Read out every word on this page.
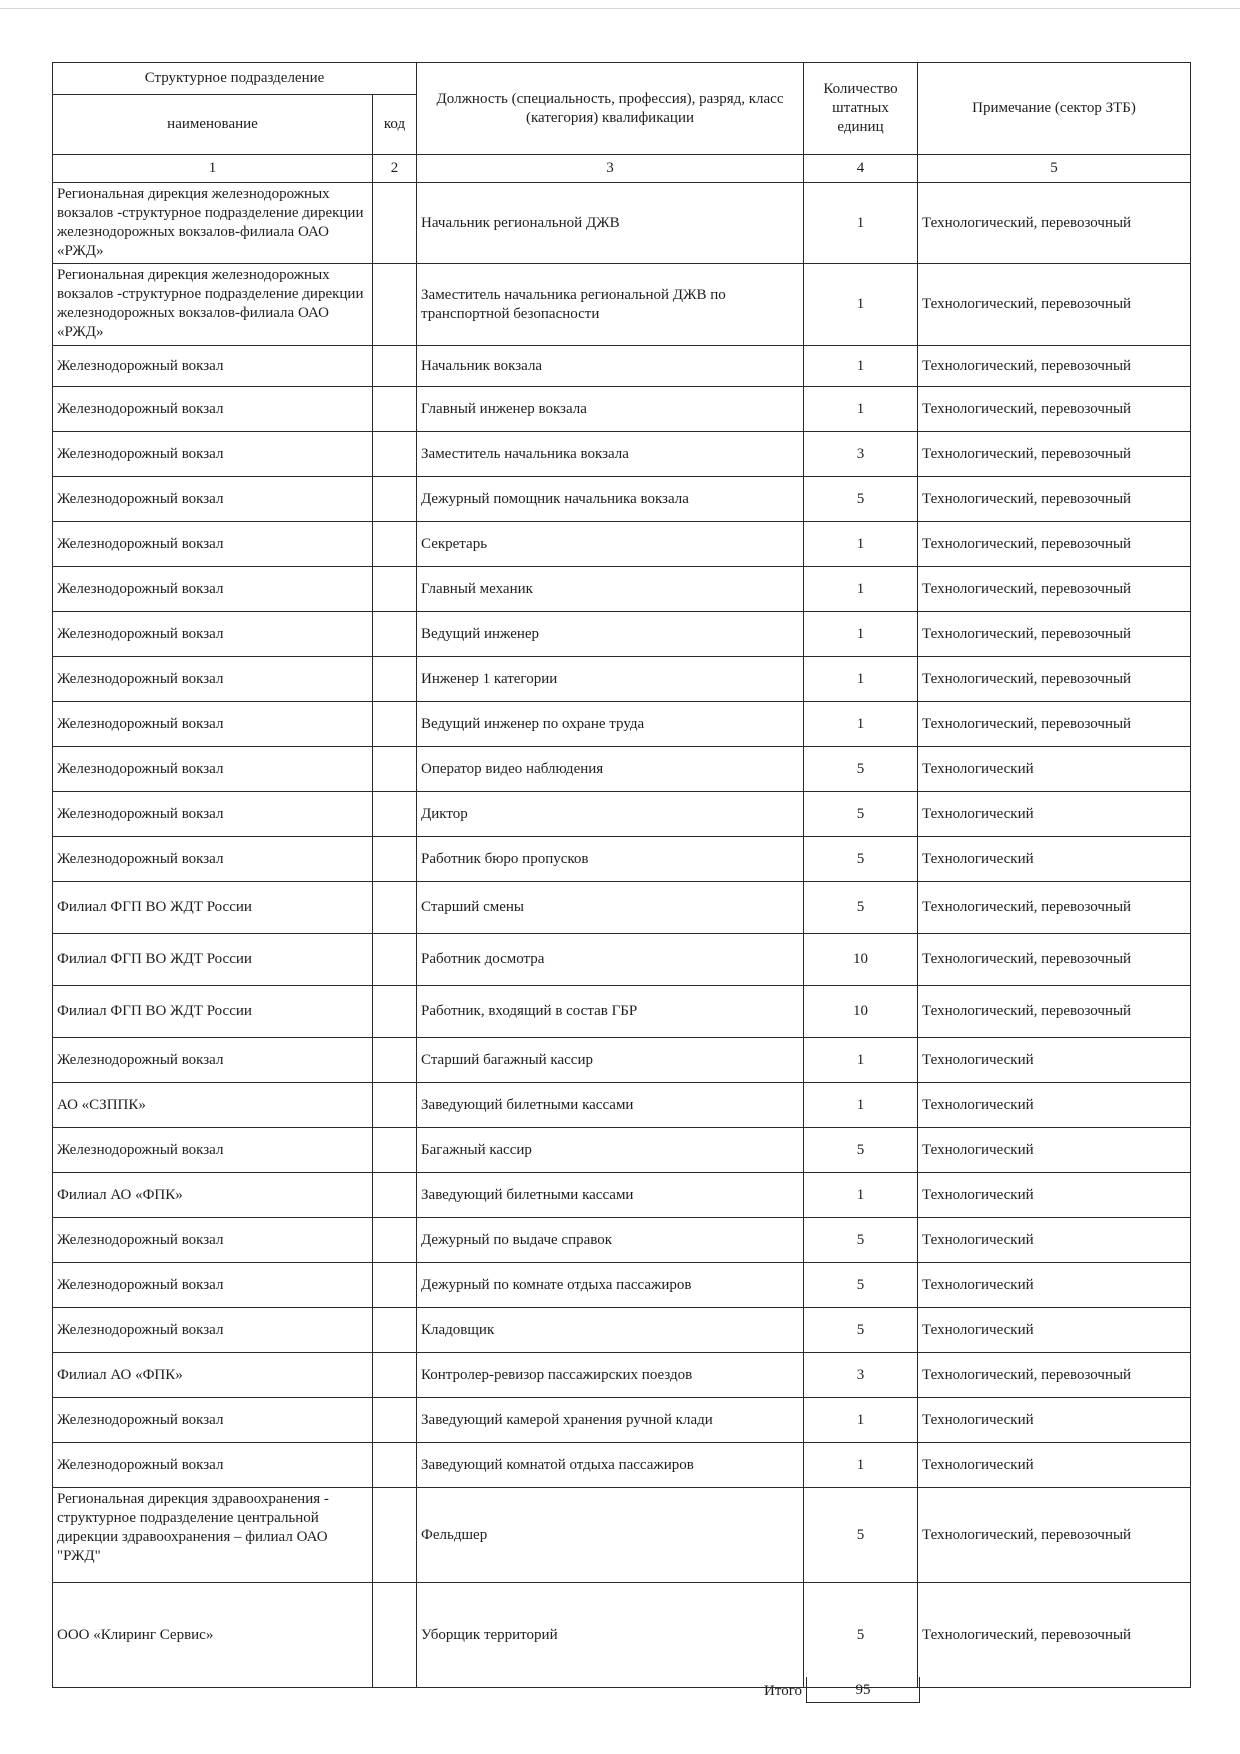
Структурное подразделение		Должность (специальность, профессия), разряд, класс (категория) квалификации	Количество штатных единиц	Примечание (сектор ЗТБ)
наименование	код			
1	2	3	4	5
Региональная дирекция железнодорожных вокзалов -структурное подразделение дирекции железнодорожных вокзалов-филиала ОАО «РЖД»		Начальник региональной ДЖВ	1	Технологический, перевозочный
Региональная дирекция железнодорожных вокзалов -структурное подразделение дирекции железнодорожных вокзалов-филиала ОАО «РЖД»		Заместитель начальника региональной ДЖВ по транспортной безопасности	1	Технологический, перевозочный
Железнодорожный вокзал		Начальник вокзала	1	Технологический, перевозочный
Железнодорожный вокзал		Главный инженер вокзала	1	Технологический, перевозочный
Железнодорожный вокзал		Заместитель начальника вокзала	3	Технологический, перевозочный
Железнодорожный вокзал		Дежурный помощник начальника вокзала	5	Технологический, перевозочный
Железнодорожный вокзал		Секретарь	1	Технологический, перевозочный
Железнодорожный вокзал		Главный механик	1	Технологический, перевозочный
Железнодорожный вокзал		Ведущий инженер	1	Технологический, перевозочный
Железнодорожный вокзал		Инженер 1 категории	1	Технологический, перевозочный
Железнодорожный вокзал		Ведущий инженер по охране труда	1	Технологический, перевозочный
Железнодорожный вокзал		Оператор видео наблюдения	5	Технологический
Железнодорожный вокзал		Диктор	5	Технологический
Железнодорожный вокзал		Работник бюро пропусков	5	Технологический
Филиал ФГП ВО ЖДТ России		Старший смены	5	Технологический, перевозочный
Филиал ФГП ВО ЖДТ России		Работник досмотра	10	Технологический, перевозочный
Филиал ФГП ВО ЖДТ России		Работник, входящий в состав ГБР	10	Технологический, перевозочный
Железнодорожный вокзал		Старший багажный кассир	1	Технологический
АО «СЗППК»		Заведующий билетными кассами	1	Технологический
Железнодорожный вокзал		Багажный кассир	5	Технологический
Филиал АО «ФПК»		Заведующий билетными кассами	1	Технологический
Железнодорожный вокзал		Дежурный по выдаче справок	5	Технологический
Железнодорожный вокзал		Дежурный по комнате отдыха пассажиров	5	Технологический
Железнодорожный вокзал		Кладовщик	5	Технологический
Филиал АО «ФПК»		Контролер-ревизор пассажирских поездов	3	Технологический, перевозочный
Железнодорожный вокзал		Заведующий камерой хранения ручной клади	1	Технологический
Железнодорожный вокзал		Заведующий комнатой отдыха пассажиров	1	Технологический
Региональная дирекция здравоохранения - структурное подразделение центральной дирекции здравоохранения – филиал ОАО "РЖД"		Фельдшер	5	Технологический, перевозочный
ООО «Клиринг Сервис»		Уборщик территорий	5	Технологический, перевозочный
Итого	95
